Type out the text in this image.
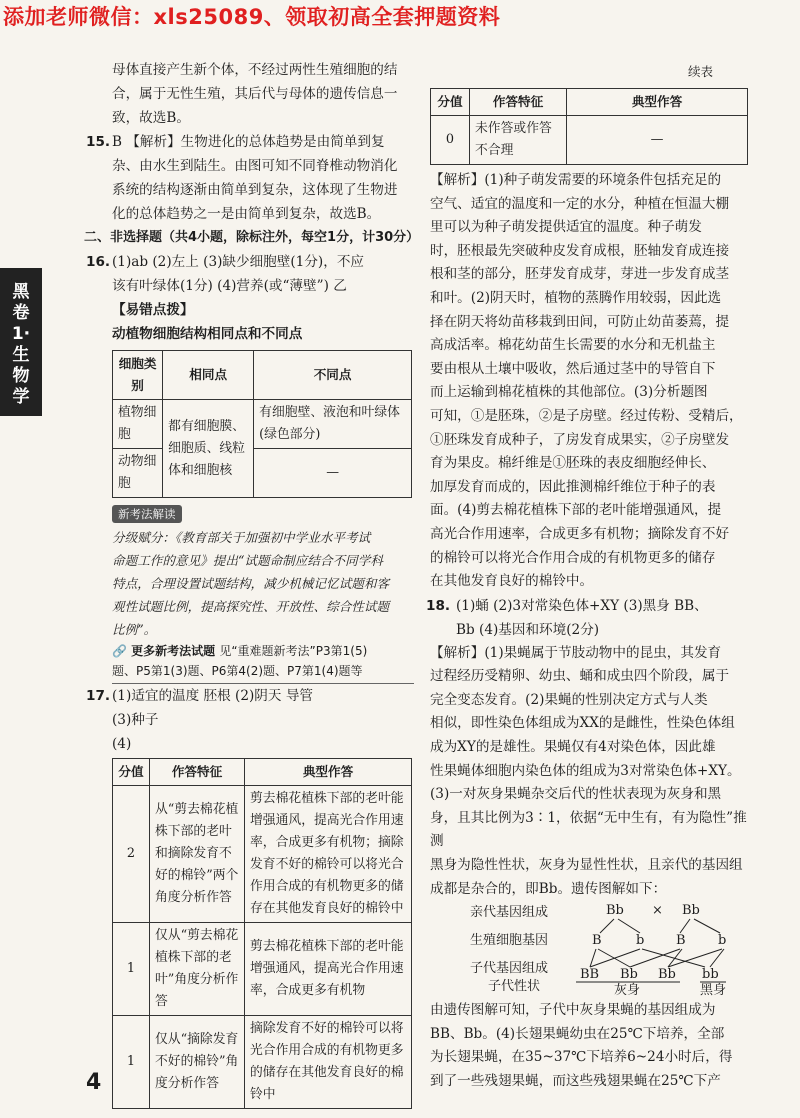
添加老师微信：xls25089、领取初高全套押题资料
黑卷1·生物学
续表

母体直接产生新个体，不经过两性生殖细胞的结

合，属于无性生殖，其后代与母体的遗传信息一

致，故选B。

15. B 【解析】生物进化的总体趋势是由简单到复

杂、由水生到陆生。由图可知不同脊椎动物消化

系统的结构逐渐由简单到复杂，这体现了生物进

化的总体趋势之一是由简单到复杂，故选B。

二、非选择题（共4小题，除标注外，每空1分，计30分）

16. (1)ab (2)左上 (3)缺少细胞壁(1分)，不应

该有叶绿体(1分) (4)营养(或“薄壁”) 乙

【易错点拨】

动植物细胞结构相同点和不同点

细胞类别	相同点	不同点
植物细胞	都有细胞膜、细胞质、线粒体和细胞核	有细胞壁、液泡和叶绿体(绿色部分)
动物细胞		—

新考法解读

分级赋分：《教育部关于加强初中学业水平考试

命题工作的意见》提出“试题命制应结合不同学科

特点，合理设置试题结构，减少机械记忆试题和客

观性试题比例，提高探究性、开放性、综合性试题

比例”。

🔗 更多新考法试题 见“重难题新考法”P3第1(5)
题、P5第1(3)题、P6第4(2)题、P7第1(4)题等

17. (1)适宜的温度 胚根 (2)阴天 导管

(3)种子

(4)

分值	作答特征	典型作答
2	从“剪去棉花植株下部的老叶和摘除发育不好的棉铃”两个角度分析作答	剪去棉花植株下部的老叶能增强通风，提高光合作用速率，合成更多有机物；摘除发育不好的棉铃可以将光合作用合成的有机物更多的储存在其他发育良好的棉铃中
1	仅从“剪去棉花植株下部的老叶”角度分析作答	剪去棉花植株下部的老叶能增强通风，提高光合作用速率，合成更多有机物
1	仅从“摘除发育不好的棉铃”角度分析作答	摘除发育不好的棉铃可以将光合作用合成的有机物更多的储存在其他发育良好的棉铃中
分值	作答特征	典型作答
0	未作答或作答不合理	—

【解析】(1)种子萌发需要的环境条件包括充足的

空气、适宜的温度和一定的水分，种植在恒温大棚

里可以为种子萌发提供适宜的温度。种子萌发

时，胚根最先突破种皮发育成根，胚轴发育成连接

根和茎的部分，胚芽发育成芽，芽进一步发育成茎

和叶。(2)阴天时，植物的蒸腾作用较弱，因此选

择在阴天将幼苗移栽到田间，可防止幼苗萎蔫，提

高成活率。棉花幼苗生长需要的水分和无机盐主

要由根从土壤中吸收，然后通过茎中的导管自下

而上运输到棉花植株的其他部位。(3)分析题图

可知，①是胚珠，②是子房壁。经过传粉、受精后，

①胚珠发育成种子，了房发育成果实，②子房壁发

育为果皮。棉纤维是①胚珠的表皮细胞经伸长、

加厚发育而成的，因此推测棉纤维位于种子的表

面。(4)剪去棉花植株下部的老叶能增强通风，提

高光合作用速率，合成更多有机物；摘除发育不好

的棉铃可以将光合作用合成的有机物更多的储存

在其他发育良好的棉铃中。

18. (1)蛹 (2)3对常染色体+XY (3)黑身 BB、

Bb (4)基因和环境(2分)

【解析】(1)果蝇属于节肢动物中的昆虫，其发育

过程经历受精卵、幼虫、蛹和成虫四个阶段，属于

完全变态发育。(2)果蝇的性别决定方式与人类

相似，即性染色体组成为XX的是雌性，性染色体组

成为XY的是雄性。果蝇仅有4对染色体，因此雄

性果蝇体细胞内染色体的组成为3对常染色体+XY。

(3)一对灰身果蝇杂交后代的性状表现为灰身和黑

身，且其比例为3∶1，依据“无中生有，有为隐性”推测

黑身为隐性性状，灰身为显性性状，且亲代的基因组

成都是杂合的，即Bb。遗传图解如下：

亲代基因组成
生殖细胞基因
子代基因组成
子代性状
Bb × Bb
B	b B b
BB Bb Bb bb
灰身	黑身

由遗传图解可知，子代中灰身果蝇的基因组成为

BB、Bb。(4)长翅果蝇幼虫在25℃下培养，全部

为长翅果蝇，在35~37℃下培养6~24小时后，得

到了一些残翅果蝇，而这些残翅果蝇在25℃下产

4
